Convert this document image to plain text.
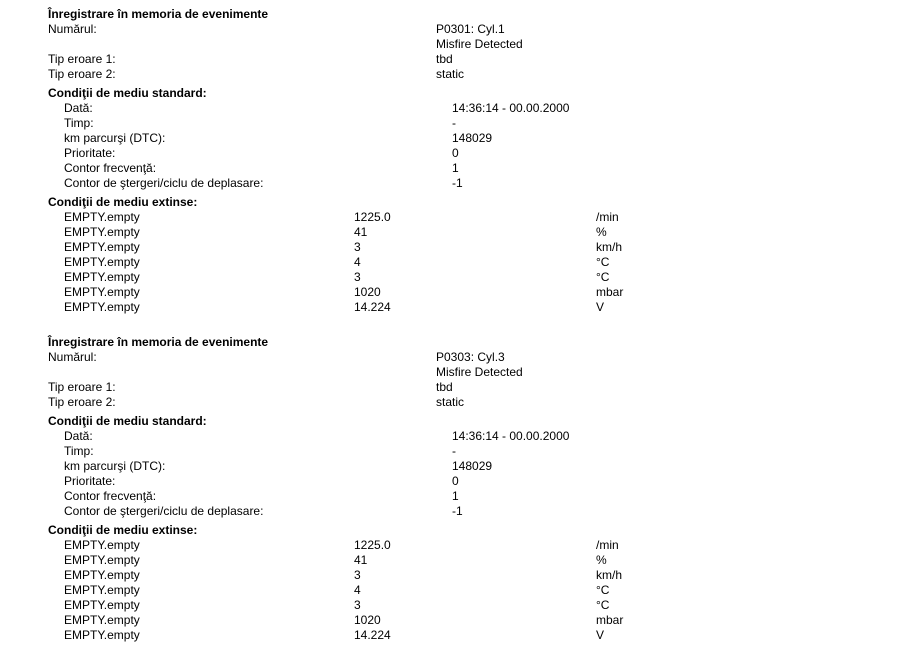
Înregistrare în memoria de evenimente
Numărul:	P0301: Cyl.1
Misfire Detected
Tip eroare 1:	tbd
Tip eroare 2:	static
Condiţii de mediu standard:
Dată:	14:36:14 - 00.00.2000
Timp:	-
km parcurşi (DTC):	148029
Prioritate:	0
Contor frecvenţă:	1
Contor de ştergeri/ciclu de deplasare:	-1
Condiţii de mediu extinse:
EMPTY.empty	1225.0	/min
EMPTY.empty	41	%
EMPTY.empty	3	km/h
EMPTY.empty	4	°C
EMPTY.empty	3	°C
EMPTY.empty	1020	mbar
EMPTY.empty	14.224	V
Înregistrare în memoria de evenimente
Numărul:	P0303: Cyl.3
Misfire Detected
Tip eroare 1:	tbd
Tip eroare 2:	static
Condiţii de mediu standard:
Dată:	14:36:14 - 00.00.2000
Timp:	-
km parcurşi (DTC):	148029
Prioritate:	0
Contor frecvenţă:	1
Contor de ştergeri/ciclu de deplasare:	-1
Condiţii de mediu extinse:
EMPTY.empty	1225.0	/min
EMPTY.empty	41	%
EMPTY.empty	3	km/h
EMPTY.empty	4	°C
EMPTY.empty	3	°C
EMPTY.empty	1020	mbar
EMPTY.empty	14.224	V
